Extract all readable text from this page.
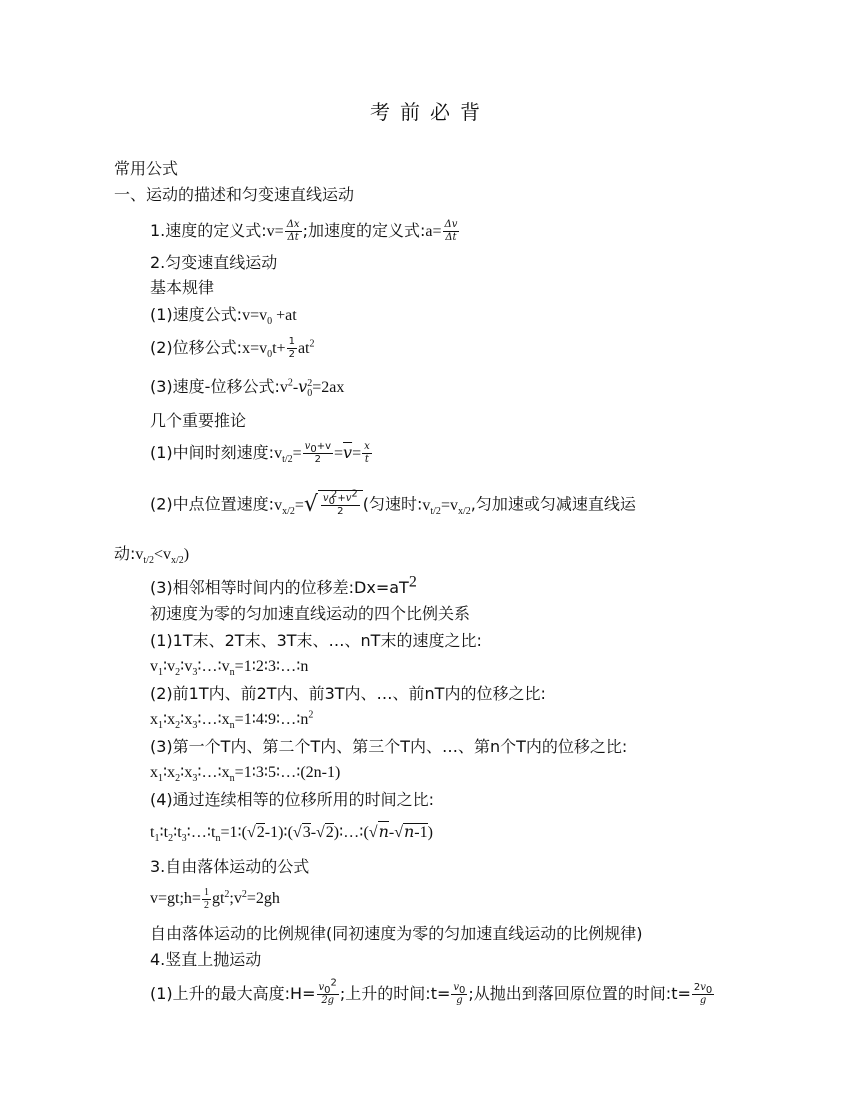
考前必背
常用公式
一、运动的描述和匀变速直线运动
1.速度的定义式:v= $\frac{\Delta x}{\Delta t}$ ;加速度的定义式:a= $\frac{\Delta v}{\Delta t}$
2.匀变速直线运动
基本规律
(1)速度公式$:v=v_0 +at$
(2)位移公式$:x=v_0t+ \frac{1}{2} at^2$
(3)速度-位移公式$:v^2-v_0^2=2ax$
几个重要推论
(1)中间时刻速度$:v_{t/2}= \frac{v_0+v}{2} =\overline{v}= \frac{x}{t}$
(2)中点位置速度$:v_{x/2}=$ √ $\frac{v_0^2+v^2}{2}$ (匀速时$:v_{t/2}=v_{x/2}$,匀加速或匀减速直线运
动$:v_{t/2}<v_{x/2}$)
(3)相邻相等时间内的位移差$:Dx=aT^2$
初速度为零的匀加速直线运动的四个比例关系
(1)1T末、2T末、3T末、…、nT末的速度之比:
$v_1∶v_2∶v_3∶\dots∶v_n=1∶2∶3∶\dots∶n$
(2)前1T内、前2T内、前3T内、…、前nT内的位移之比:
$x_1∶x_2∶x_3∶\dots∶x_n=1∶4∶9∶\dots∶n^2$
(3)第一个T内、第二个T内、第三个T内、…、第n个T内的位移之比:
$x_1∶x_2∶x_3∶\dots∶x_n=1∶3∶5∶\dots∶(2n-1)$
(4)通过连续相等的位移所用的时间之比:
$t_1∶t_2∶t_3∶\dots∶t_n=1∶(√2-1)∶(√3-√2)∶\dots∶(√n-√n-1)$
3.自由落体运动的公式
v=gt;h= $\frac{1}{2}$ $gt^2;v^2=2gh$
自由落体运动的比例规律(同初速度为零的匀加速直线运动的比例规律)
4.竖直上抛运动
(1)上升的最大高度:H= $\frac{v_0^2}{2g}$ ;上升的时间:t= $\frac{v_0}{g}$ ;从抛出到落回原位置的时间:t= $\frac{2v_0}{g}$
